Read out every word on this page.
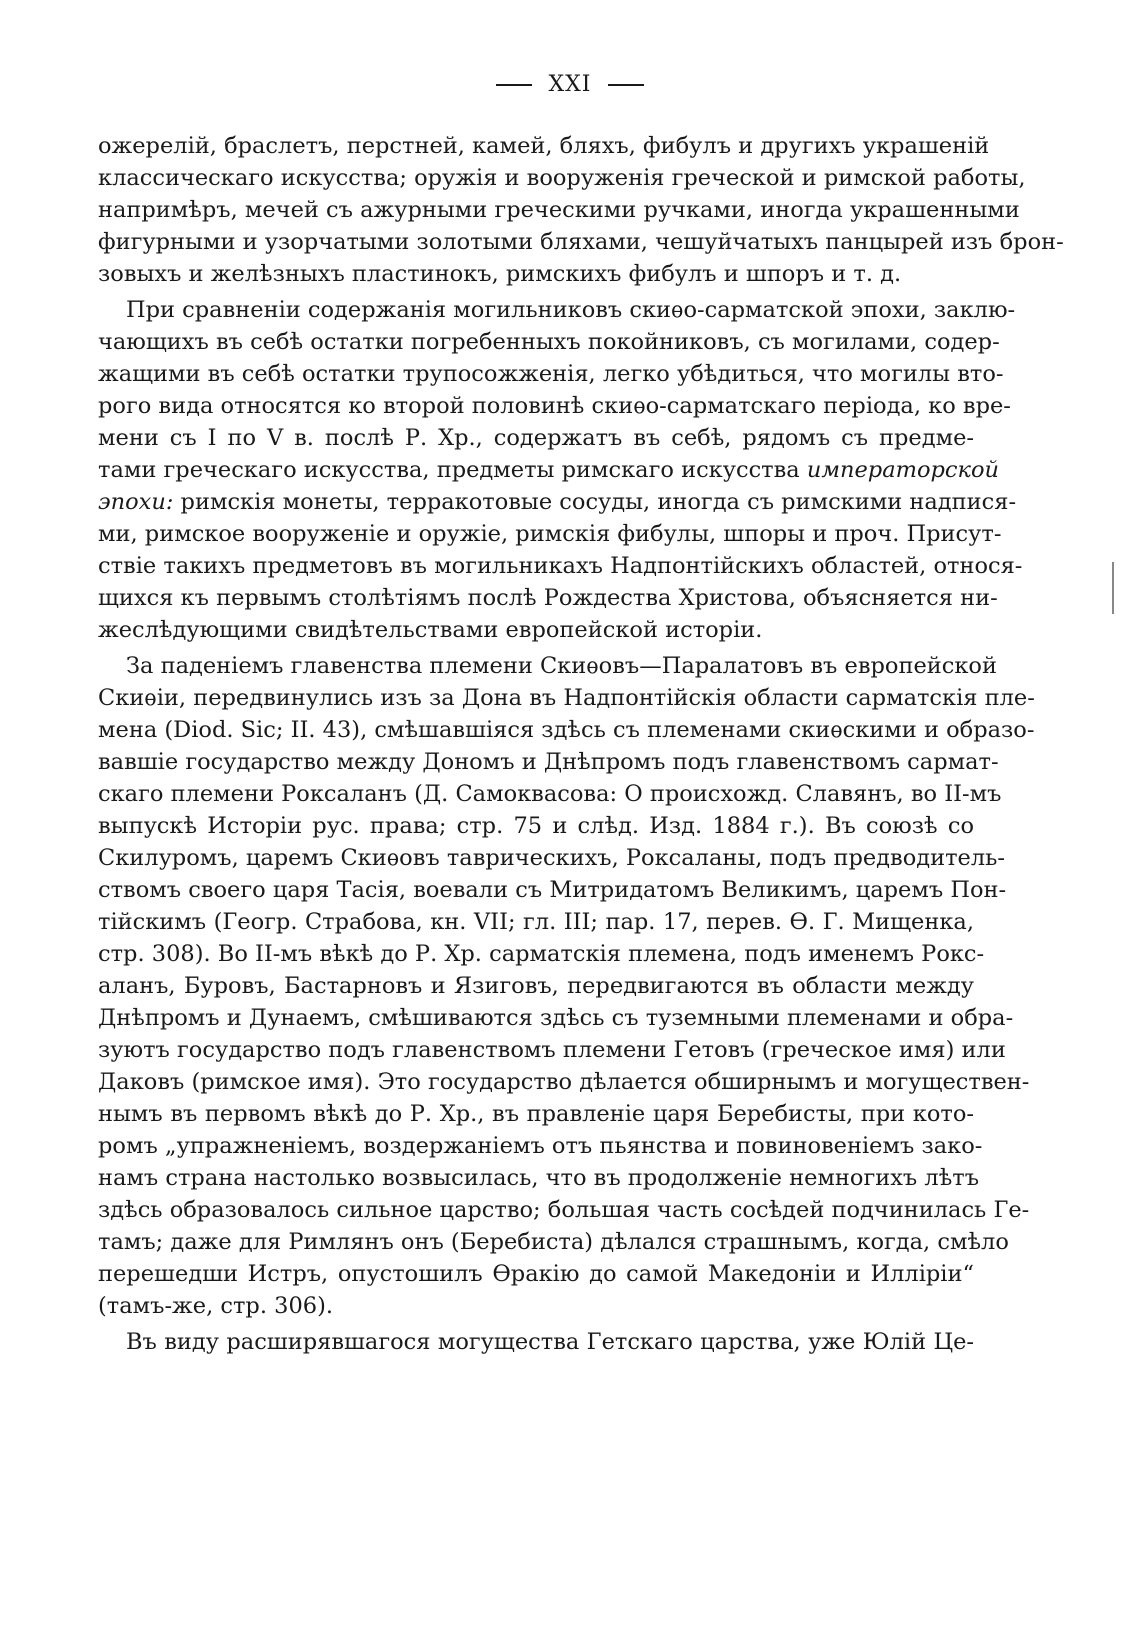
XXI
ожерелій, браслетъ, перстней, камей, бляхъ, фибулъ и другихъ украшеній
классическаго искусства; оружія и вооруженія греческой и римской работы,
напримѣръ, мечей съ ажурными греческими ручками, иногда украшенными
фигурными и узорчатыми золотыми бляхами, чешуйчатыхъ панцырей изъ брон-
зовыхъ и желѣзныхъ пластинокъ, римскихъ фибулъ и шпоръ и т. д.
При сравненіи содержанія могильниковъ скиѳо-сарматской эпохи, заклю-
чающихъ въ себѣ остатки погребенныхъ покойниковъ, съ могилами, содер-
жащими въ себѣ остатки трупосожженія, легко убѣдиться, что могилы вто-
рого вида относятся ко второй половинѣ скиѳо-сарматскаго періода, ко вре-
мени съ I по V в. послѣ Р. Хр., содержатъ въ себѣ, рядомъ съ предме-
тами греческаго искусства, предметы римскаго искусства императорской
эпохи: римскія монеты, терракотовые сосуды, иногда съ римскими надпися-
ми, римское вооруженіе и оружіе, римскія фибулы, шпоры и проч. Присут-
ствіе такихъ предметовъ въ могильникахъ Надпонтійскихъ областей, относя-
щихся къ первымъ столѣтіямъ послѣ Рождества Христова, объясняется ни-
жеслѣдующими свидѣтельствами европейской исторіи.
За паденіемъ главенства племени Скиѳовъ—Паралатовъ въ европейской
Скиѳіи, передвинулись изъ за Дона въ Надпонтійскія области сарматскія пле-
мена (Diod. Sic; II. 43), смѣшавшіяся здѣсь съ племенами скиѳскими и образо-
вавшіе государство между Дономъ и Днѣпромъ подъ главенствомъ сармат-
скаго племени Роксаланъ (Д. Самоквасова: О происхожд. Славянъ, во II-мъ
выпускѣ Исторіи рус. права; стр. 75 и слѣд. Изд. 1884 г.). Въ союзѣ со
Скилуромъ, царемъ Скиѳовъ таврическихъ, Роксаланы, подъ предводитель-
ствомъ своего царя Тасія, воевали съ Митридатомъ Великимъ, царемъ Пон-
тійскимъ (Геогр. Страбова, кн. VII; гл. III; пар. 17, перев. Ѳ. Г. Мищенка,
стр. 308). Во II-мъ вѣкѣ до Р. Хр. сарматскія племена, подъ именемъ Рокс-
аланъ, Буровъ, Бастарновъ и Язиговъ, передвигаются въ области между
Днѣпромъ и Дунаемъ, смѣшиваются здѣсь съ туземными племенами и обра-
зуютъ государство подъ главенствомъ племени Гетовъ (греческое имя) или
Даковъ (римское имя). Это государство дѣлается обширнымъ и могуществен-
нымъ въ первомъ вѣкѣ до Р. Хр., въ правленіе царя Беребисты, при кото-
ромъ „упражненіемъ, воздержаніемъ отъ пьянства и повиновеніемъ зако-
намъ страна настолько возвысилась, что въ продолженіе немногихъ лѣтъ
здѣсь образовалось сильное царство; большая часть сосѣдей подчинилась Ге-
тамъ; даже для Римлянъ онъ (Беребиста) дѣлался страшнымъ, когда, смѣло
перешедши Истръ, опустошилъ Ѳракію до самой Македоніи и Илліріи“
(тамъ-же, стр. 306).
Въ виду расширявшагося могущества Гетскаго царства, уже Юлій Це-
